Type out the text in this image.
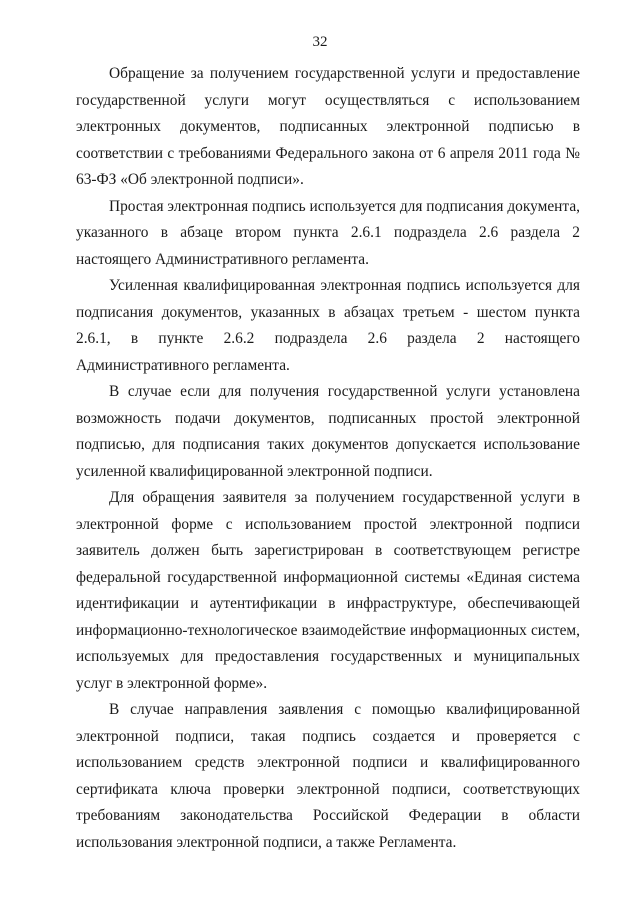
32

Обращение за получением государственной услуги и предоставление государственной услуги могут осуществляться с использованием электронных документов, подписанных электронной подписью в соответствии с требованиями Федерального закона от 6 апреля 2011 года № 63-ФЗ «Об электронной подписи».

Простая электронная подпись используется для подписания документа, указанного в абзаце втором пункта 2.6.1 подраздела 2.6 раздела 2 настоящего Административного регламента.

Усиленная квалифицированная электронная подпись используется для подписания документов, указанных в абзацах третьем - шестом пункта 2.6.1, в пункте 2.6.2 подраздела 2.6 раздела 2 настоящего Административного регламента.

В случае если для получения государственной услуги установлена возможность подачи документов, подписанных простой электронной подписью, для подписания таких документов допускается использование усиленной квалифицированной электронной подписи.

Для обращения заявителя за получением государственной услуги в электронной форме с использованием простой электронной подписи заявитель должен быть зарегистрирован в соответствующем регистре федеральной государственной информационной системы «Единая система идентификации и аутентификации в инфраструктуре, обеспечивающей информационно-технологическое взаимодействие информационных систем, используемых для предоставления государственных и муниципальных услуг в электронной форме».

В случае направления заявления с помощью квалифицированной электронной подписи, такая подпись создается и проверяется с использованием средств электронной подписи и квалифицированного сертификата ключа проверки электронной подписи, соответствующих требованиям законодательства Российской Федерации в области использования электронной подписи, а также Регламента.
